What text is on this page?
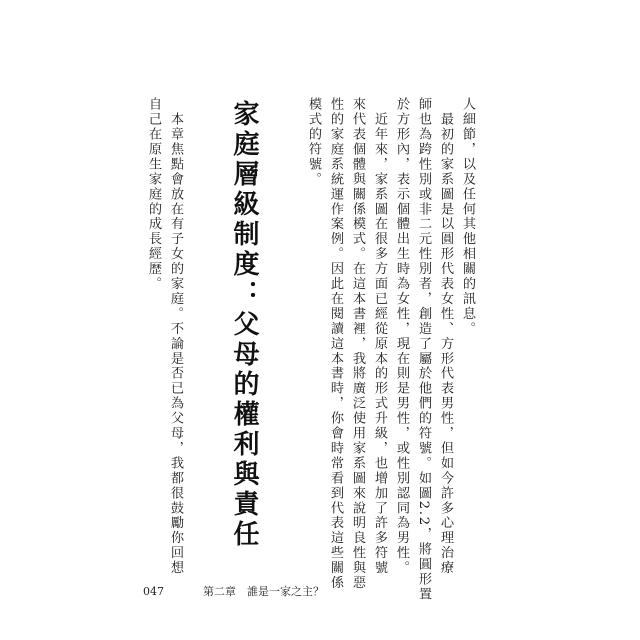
人細節，以及任何其他相關的訊息。
　最初的家系圖是以圓形代表女性、方形代表男性，但如今許多心理治療
師也為跨性別或非二元性別者，創造了屬於他們的符號。如圖2.2，將圓形置
於方形內，表示個體出生時為女性，現在則是男性，或性別認同為男性。
　近年來，家系圖在很多方面已經從原本的形式升級，也增加了許多符號
來代表個體與關係模式。在這本書裡，我將廣泛使用家系圖來說明良性與惡
性的家庭系統運作案例。因此在閱讀這本書時，你會時常看到代表這些關係
模式的符號。
家庭層級制度：父母的權利與責任
　本章焦點會放在有子女的家庭。不論是否已為父母，我都很鼓勵你回想
自己在原生家庭的成長經歷。
047	第二章　誰是一家之主？
